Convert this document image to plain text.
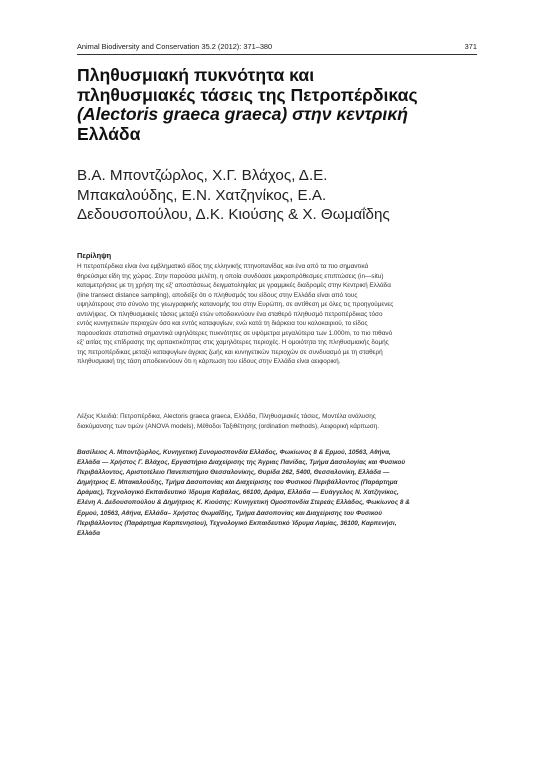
Animal Biodiversity and Conservation 35.2 (2012): 371–380	371
Πληθυσμιακή πυκνότητα και
πληθυσμιακές τάσεις της Πετροπέρδικας
(Alectoris graeca graeca) στην κεντρική
Ελλάδα
Β.Α. Μποντζώρλος, Χ.Γ. Βλάχος, Δ.Ε.
Μπακαλούδης, Ε.Ν. Χατζηνίκος, Ε.Α.
Δεδουσοπούλου, Δ.Κ. Κιούσης & Χ. Θωμαΐδης
Περίληψη
Η πετροπέρδικα είναι ένα εμβληματικό είδος της ελληνικής πτηνοπανίδας και ένα από τα πιο σημαντικά
θηρεύσιμα είδη της χώρας. Στην παρούσα μελέτη, η οποία συνδύασε μακροπρόθεσμες επιπτώσεις (in—situ)
καταμετρήσεις με τη χρήση της εξ' αποστάσεως δειγματοληψίας με γραμμικές διαδρομές στην Κεντρική Ελλάδα
(line transect distance sampling), αποδείξε ότι ο πληθυσμός του είδους στην Ελλάδα είναι από τους
υψηλότερους στο σύνολο της γεωγραφικής κατανομής του στην Ευρώπη, σε αντίθεση με όλες τις προηγούμενες
αντιλήψεις. Οι πληθυσμιακές τάσεις μεταξύ ετών υποδεικνύουν ένα σταθερό πληθυσμό πετροπέρδικας τόσο
εντός κυνηγετικών περιοχών όσο και εντός καταφυγίων, ενώ κατά τη διάρκεια του καλοκαιριού, το είδος
παρουσίασε στατιστικά σημαντικά υψηλότερες πυκνότητες σε υψόμετρα μεγαλύτερα των 1.000m, το πιο πιθανό
εξ' αιτίας της επίδρασης της αρπακτικότητας στις χαμηλότερες περιοχές. Η ομοιότητα της πληθυσμιακής δομής
της πετροπέρδικας μεταξύ καταφυγίων άγριας ζωής και κυνηγετικών περιοχών σε συνδυασμό με τη σταθερή
πληθυσμιακή της τάση αποδεικνύουν ότι η κάρπωση του είδους στην Ελλάδα είναι αειφορική.
Λέξεις Κλειδιά: Πετροπέρδικα, Alectoris graeca graeca, Ελλάδα, Πληθυσμιακές τάσεις, Μοντέλα ανάλυσης
διακύμανσης των τιμών (ANOVA models), Μέθοδοι Ταξιθέτησης (ordination methods), Αειφορική κάρπωση.
Βασίλειος Α. Μποντζώρλος, Κυνηγετική Συνομοσπονδία Ελλάδος, Φωκίωνος 8 & Ερμού, 10563, Αθήνα,
Ελλάδα — Χρήστος Γ. Βλάχος, Εργαστήριο Διαχείρισης της Άγριας Πανίδας, Τμήμα Δασολογίας και Φυσικού
Περιβάλλοντος, Αριστοτέλειο Πανεπιστήμιο Θεσσαλονίκης, Θυρίδα 262, 5400, Θεσσαλονίκη, Ελλάδα —
Δημήτριος Ε. Μπακαλούδης, Τμήμα Δασοπονίας και Διαχείρισης του Φυσικού Περιβάλλοντος (Παράρτημα
Δράμας), Τεχνολογικό Εκπαιδευτικό Ίδρυμα Καβάλας, 66100, Δράμα, Ελλάδα — Ευάγγελος Ν. Χατζηνίκος,
Ελένη Α. Δεδουσοπούλου & Δημήτριος Κ. Κιούσης: Κυνηγετική Ομοσπονδία Στερεάς Ελλάδος, Φωκίωνος 8 &
Ερμού, 10563, Αθήνα, Ελλάδα– Χρήστος Θωμαΐδης, Τμήμα Δασοπονίας και Διαχείρισης του Φυσικού
Περιβάλλοντος (Παράρτημα Καρπενησίου), Τεχνολογικό Εκπαιδευτικό Ίδρυμα Λαμίας, 36100, Καρπενήσι,
Ελλάδα
